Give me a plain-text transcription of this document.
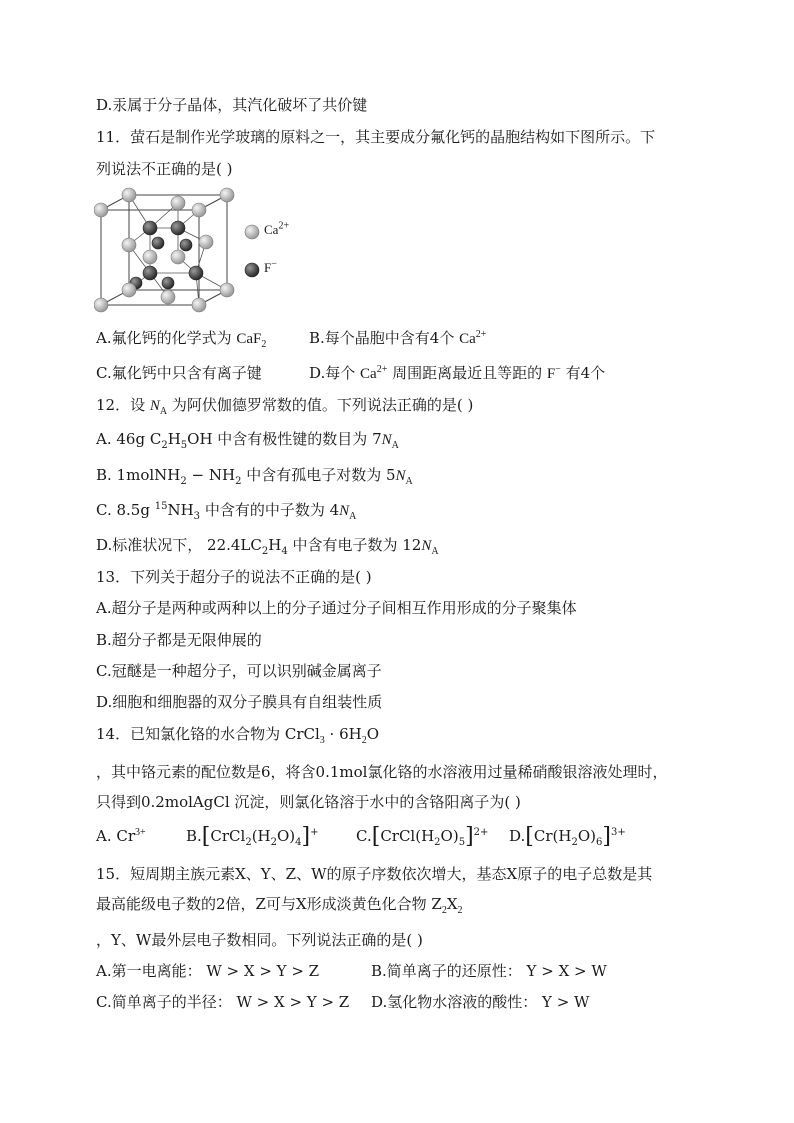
D.汞属于分子晶体，其汽化破坏了共价键
11．萤石是制作光学玻璃的原料之一，其主要成分氟化钙的晶胞结构如下图所示。下
列说法不正确的是( )
$Ca^{2+}$
F−
A.氟化钙的化学式为 CaF$_2$	B.每个晶胞中含有4个 $Ca^{2+}$
C.氟化钙中只含有离子键	D.每个 $Ca^{2+}$ 周围距离最近且等距的 F− 有4个
12．设 $N_A$ 为阿伏伽德罗常数的值。下列说法正确的是( )
A. 46g $C_2H_5OH$ 中含有极性键的数目为 $7N_A$
B. 1molNH$_2$ − $NH_2$ 中含有孤电子对数为 $5N_A$
C. 8.5g $^{15}NH_3$ 中含有的中子数为 $4N_A$
D.标准状况下， $22.4LC_2H_4$ 中含有电子数为 $12N_A$
13．下列关于超分子的说法不正确的是( )
A.超分子是两种或两种以上的分子通过分子间相互作用形成的分子聚集体
B.超分子都是无限伸展的
C.冠醚是一种超分子，可以识别碱金属离子
D.细胞和细胞器的双分子膜具有自组装性质
14．已知氯化铬的水合物为 CrCl$_3$ · $6H_2O$
，其中铬元素的配位数是6，将含0.1mol氯化铬的水溶液用过量稀硝酸银溶液处理时，
只得到0.2molAgCl 沉淀，则氯化铬溶于水中的含铬阳离子为( )
A. $Cr^{3+}$	$B.[CrCl_2(H_2O)_4]^+$ $C.[CrCl(H_2O)_5]^{2+}$ $D.[Cr(H_2O)_6]^{3+}$
15．短周期主族元素X、Y、Z、W的原子序数依次增大，基态X原子的电子总数是其
最高能级电子数的2倍，Z可与X形成淡黄色化合物 $Z_2X_2$
，Y、W最外层电子数相同。下列说法正确的是( )
A.第一电离能： W > X > Y > Z	B.简单离子的还原性： Y > X > W
C.简单离子的半径： W > X > Y > Z D.氢化物水溶液的酸性： Y > W
